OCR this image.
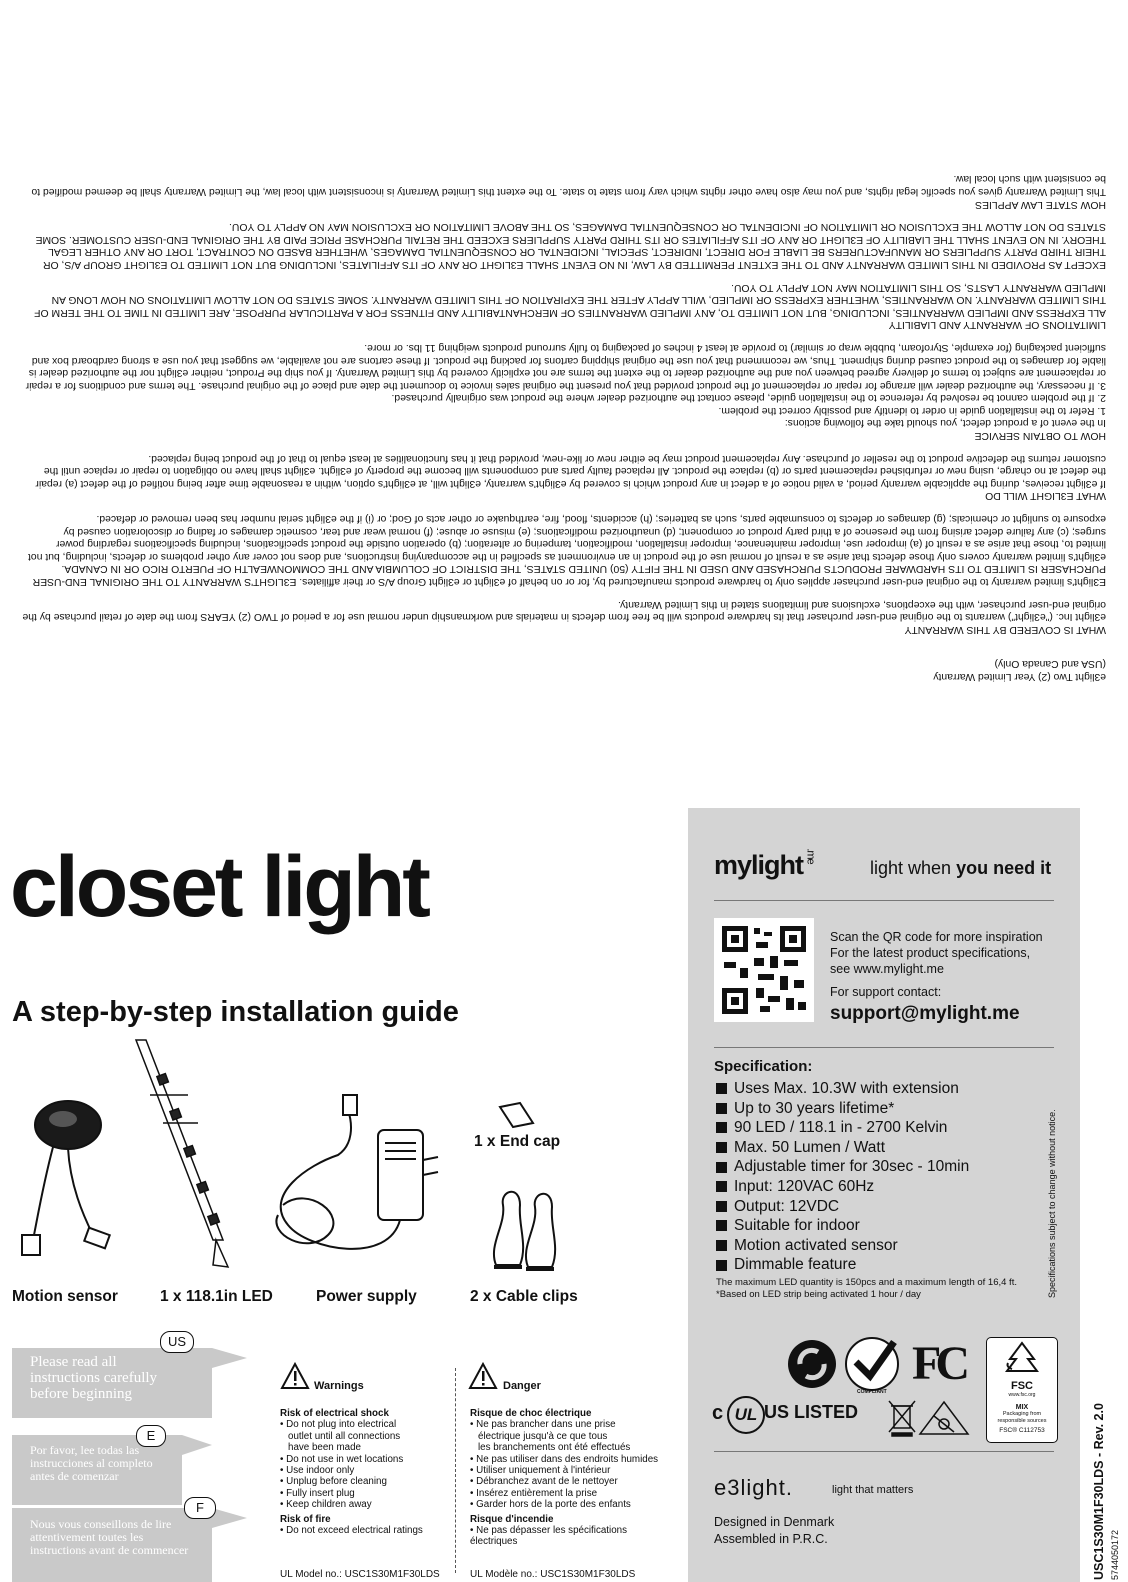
e3light Two (2) Year Limited Warranty

(USA and Canada Only)

WHAT IS COVERED BY THIS WARRANTY

e3light Inc. ("e3light") warrants to the original end-user purchaser that its hardware products will be free from defects in materials and workmanship under normal use for a period of TWO (2) YEARS from the date of retail purchase by the original end-user purchaser, with the exceptions, exclusions and limitations stated in this Limited Warranty.

E3light's limited warranty to the original end-user purchaser applies only to hardware products manufactured by, for or on behalf of e3light or e3light Group A/S or their affiliates. E3LIGHT'S WARRANTY TO THE ORIGINAL END-USER PURCHASER IS LIMITED TO ITS HARDWARE PRODUCTS PURCHASED AND USED IN THE FIFTY (50) UNITED STATES, THE DISTRICT OF COLUMBIA AND THE COMMONWEALTH OF PUERTO RICO OR IN CANADA. e3light's limited warranty covers only those defects that arise as a result of normal use of the product in an environment as specified in the accompanying instructions, and does not cover any other problems or defects, including, but not limited to, those that arise as a result of (a) improper use, improper maintenance, improper installation, modification, tampering or alteration; (b) operation outside the product specifications, including specifications regarding power surges; (c) any failure defect arising from the presence of a third party product or component; (d) unauthorized modifications; (e) misuse or abuse; (f) normal wear and tear, cosmetic damages or fading or discoloration caused by exposure to sunlight or chemicals; (g) damages or defects to consumable parts, such as batteries; (h) accidents, flood, fire, earthquake or other acts of God; or (i) if the e3light serial number has been removed or defaced.

WHAT E3LIGHT WILL DO

If e3light receives, during the applicable warranty period, a valid notice of a defect in any product which is covered by e3light's warranty, e3light will, at e3light's option, within a reasonable time after being notified of the defect (a) repair the defect at no charge, using new or refurbished replacement parts or (b) replace the product. All replaced faulty parts and components will become the property of e3light. e3light shall have no obligation to repair or replace until the customer returns the defective product to the reseller of purchase. Any replacement product may be either new or like-new, provided that it has functionalities at least equal to that of the product being replaced.

HOW TO OBTAIN SERVICE

In the event of a product defect, you should take the following actions:

1. Refer to the installation guide in order to identify and possibly correct the problem.

2. If the problem cannot be resolved by reference to the installation guide, please contact the authorized dealer where the product was originally purchased.

3. If necessary, the authorized dealer will arrange for repair or replacement of the product provided that you present the original sales invoice to document the date and place of the original purchase. The terms and conditions for a repair or replacement are subject to terms of delivery agreed between you and the authorized dealer to the extent the terms are not explicitly covered by this Limited Warranty. If you ship the Product, neither e3light nor the authorized dealer is liable for damages to the product caused during shipment. Thus, we recommend that you use the original shipping cartons for packing the product. If these cartons are not available, we suggest that you use a strong cardboard box and sufficient packaging (for example, Styrofoam, bubble wrap or similar) to provide at least 4 inches of packaging to fully surround products weighing 11 lbs. or more.

LIMITATIONS OF WARRANTY AND LIABILITY

ALL EXPRESS AND IMPLIED WARRANTIES, INCLUDING, BUT NOT LIMITED TO, ANY IMPLIED WARRANTIES OF MERCHANTABILITY AND FITNESS FOR A PARTICULAR PURPOSE, ARE LIMITED IN TIME TO THE TERM OF THIS LIMITED WARRANTY. NO WARRANTIES, WHETHER EXPRESS OR IMPLIED, WILL APPLY AFTER THE EXPIRATION OF THIS LIMITED WARRANTY. SOME STATES DO NOT ALLOW LIMITATIONS ON HOW LONG AN IMPLIED WARRANTY LASTS, SO THIS LIMITATION MAY NOT APPLY TO YOU.

EXCEPT AS PROVIDED IN THIS LIMITED WARRANTY AND TO THE EXTENT PERMITTED BY LAW, IN NO EVENT SHALL E3LIGHT OR ANY OF ITS AFFILIATES, INCLUDING BUT NOT LIMITED TO E3LIGHT GROUP A/S, OR THEIR THIRD PARTY SUPPLIERS OR MANUFACTURERS BE LIABLE FOR DIRECT, INDIRECT, SPECIAL, INCIDENTAL OR CONSEQUENTIAL DAMAGES, WHETHER BASED ON CONTRACT, TORT OR ANY OTHER LEGAL THEORY. IN NO EVENT SHALL THE LIABILITY OF E3LIGHT OR ANY OF ITS AFFILIATES OR ITS THIRD PARTY SUPPLIERS EXCEED THE RETAIL PURCHASE PRICE PAID BY THE ORIGINAL END-USER CUSTOMER. SOME STATES DO NOT ALLOW THE EXCLUSION OR LIMITATION OF INCIDENTAL OR CONSEQUENTIAL DAMAGES, SO THE ABOVE LIMITATION OR EXCLUSION MAY NO APPLY TO YOU.

HOW STATE LAW APPLIES

This Limited Warranty gives you specific legal rights, and you may also have other rights which vary from state to state. To the extent this Limited Warranty is inconsistent with local law, the Limited Warranty shall be deemed modified to be consistent with such local law.

closet light
A step-by-step installation guide
1 x End cap
Motion sensor	1 x 118.1in LED	Power supply	2 x Cable clips
US
E
F
Please read all instructions carefully before beginning
Por favor, lee todas las instrucciones al completo antes de comenzar
Nous vous conseillons de lire attentivement toutes les instructions avant de commencer
Warnings
Risk of electrical shock
• Do not plug into electrical
outlet until all connections
have been made
• Do not use in wet locations
• Use indoor only
• Unplug before cleaning
• Fully insert plug
• Keep children away
Risk of fire
• Do not exceed electrical ratings
UL Model no.: USC1S30M1F30LDS
Danger
Risque de choc électrique
• Ne pas brancher dans une prise
électrique jusqu'à ce que tous
les branchements ont été effectués
• Ne pas utiliser dans des endroits humides
• Utiliser uniquement à l'intérieur
• Débranchez avant de le nettoyer
• Insérez entièrement la prise
• Garder hors de la porte des enfants
Risque d'incendie
• Ne pas dépasser les spécifications électriques
UL Modèle no.: USC1S30M1F30LDS
mylight .me
light when you need it
Scan the QR code for more inspiration
For the latest product specifications,
see www.mylight.me
For support contact:
support@mylight.me
Specification:
Uses Max. 10.3W with extension
Up to 30 years lifetime*
90 LED / 118.1 in - 2700 Kelvin
Max. 50 Lumen / Watt
Adjustable timer for 30sec - 10min
Input: 120VAC 60Hz
Output: 12VDC
Suitable for indoor
Motion activated sensor
Dimmable feature
The maximum LED quantity is 150pcs and a maximum length of 16,4 ft.
*Based on LED strip being activated 1 hour / day	Specifications subject to change without notice.
COMPLIANT
FC	FSC
www.fsc.org
MIX
Packaging from responsible sources
FSC® C112753
c UL US LISTED
e3light.	light that matters
Designed in Denmark
Assembled in P.R.C.	USC1S30M1F30LDS - Rev. 2.0 5744050172
